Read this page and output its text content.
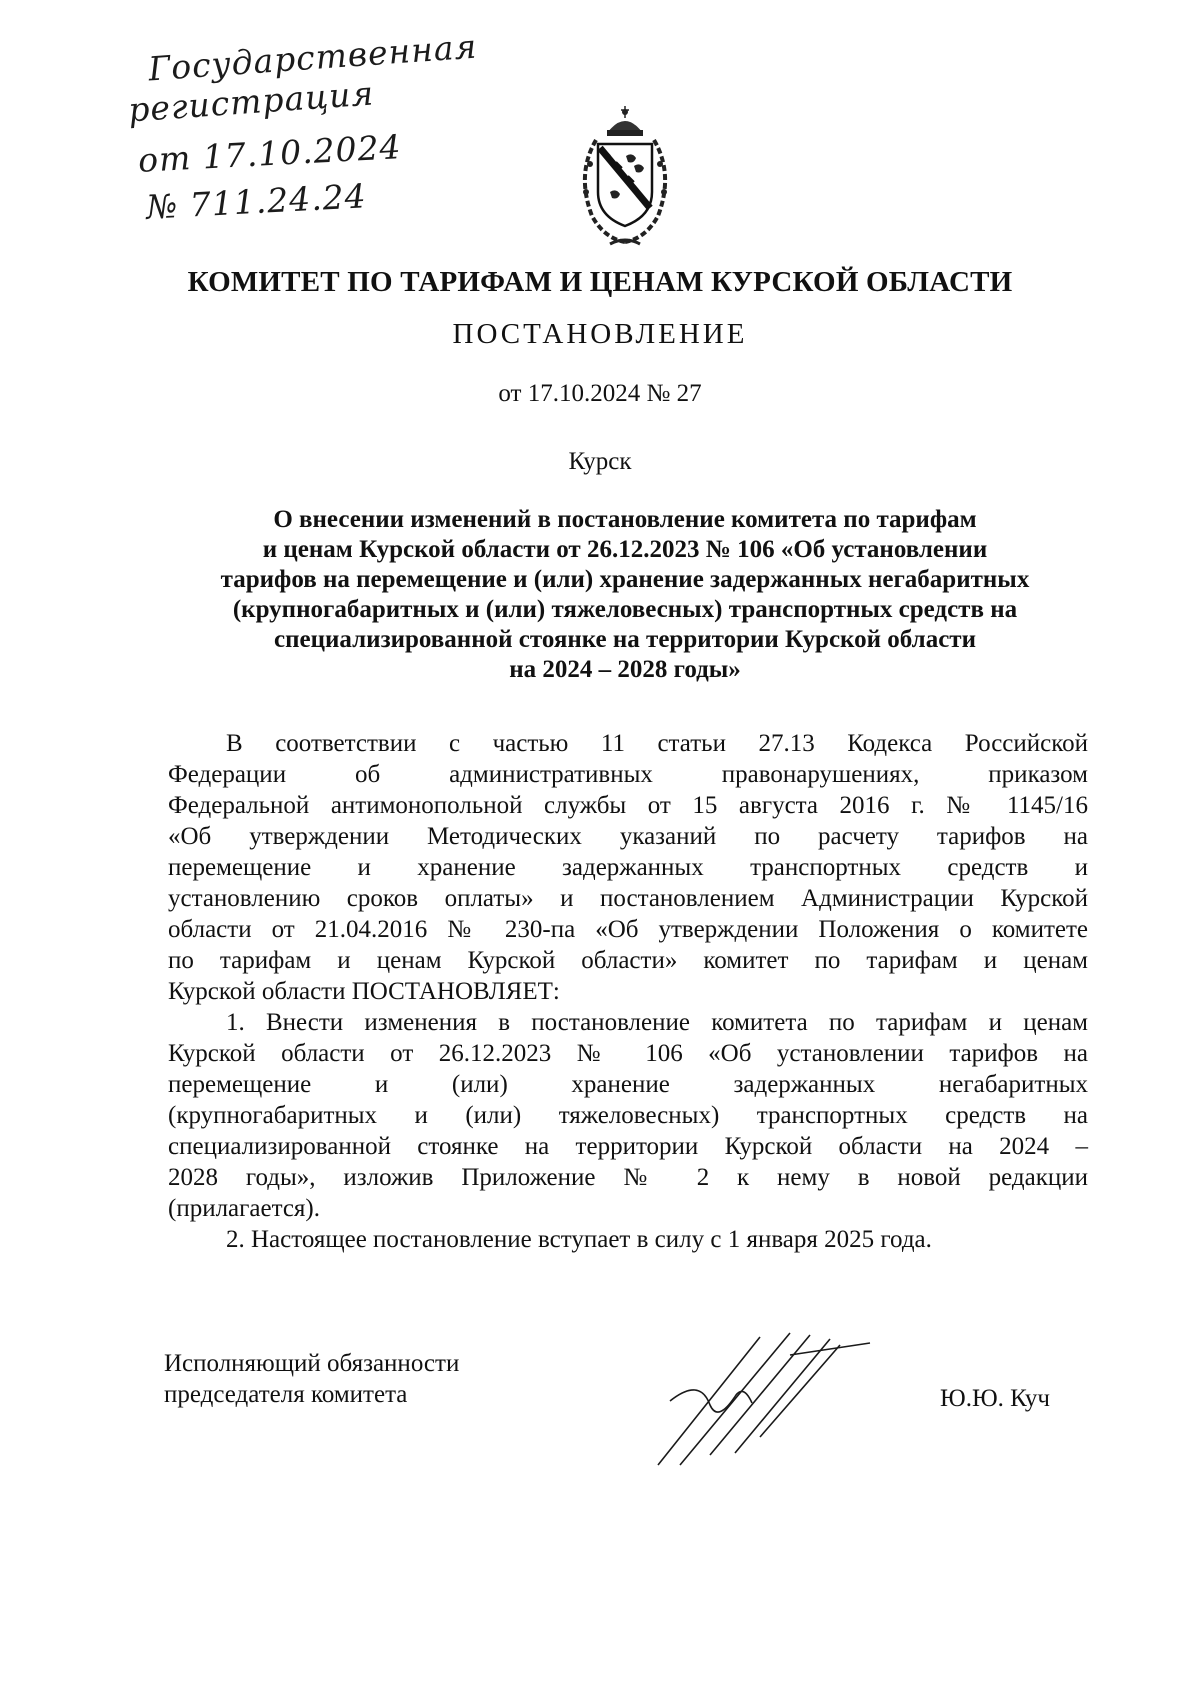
Государственная
регистрация
от 17.10.2024
№ 711.24.24
КОМИТЕТ ПО ТАРИФАМ И ЦЕНАМ КУРСКОЙ ОБЛАСТИ
ПОСТАНОВЛЕНИЕ
от 17.10.2024 № 27
Курск
О внесении изменений в постановление комитета по тарифам
и ценам Курской области от 26.12.2023 № 106 «Об установлении
тарифов на перемещение и (или) хранение задержанных негабаритных
(крупногабаритных и (или) тяжеловесных) транспортных средств на
специализированной стоянке на территории Курской области
на 2024 – 2028 годы»
В соответствии с частью 11 статьи 27.13 Кодекса Российской
Федерации об административных правонарушениях, приказом
Федеральной антимонопольной службы от 15 августа 2016 г. № 1145/16
«Об утверждении Методических указаний по расчету тарифов на
перемещение и хранение задержанных транспортных средств и
установлению сроков оплаты» и постановлением Администрации Курской
области от 21.04.2016 № 230-па «Об утверждении Положения о комитете
по тарифам и ценам Курской области» комитет по тарифам и ценам
Курской области ПОСТАНОВЛЯЕТ:
1. Внести изменения в постановление комитета по тарифам и ценам
Курской области от 26.12.2023 № 106 «Об установлении тарифов на
перемещение и (или) хранение задержанных негабаритных
(крупногабаритных и (или) тяжеловесных) транспортных средств на
специализированной стоянке на территории Курской области на 2024 –
2028 годы», изложив Приложение № 2 к нему в новой редакции
(прилагается).
2. Настоящее постановление вступает в силу с 1 января 2025 года.
Исполняющий обязанности
председателя комитета	Ю.Ю. Куч
